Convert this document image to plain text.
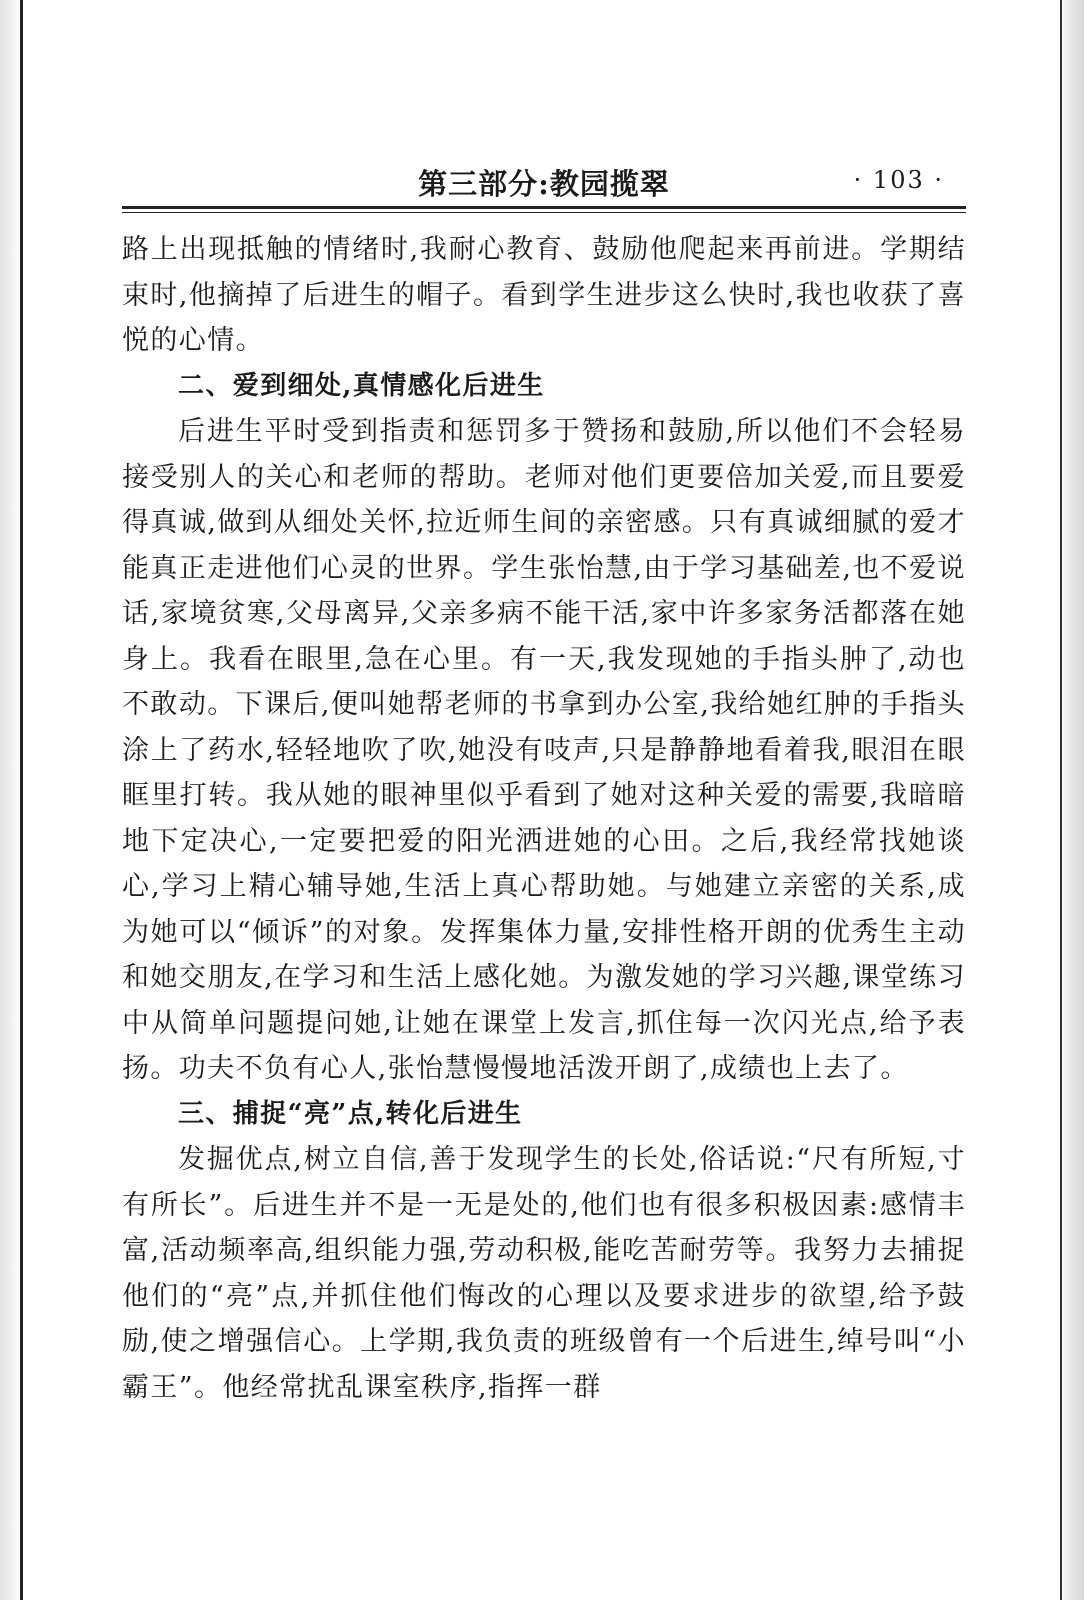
第三部分:教园揽翠	· 103 ·

路上出现抵触的情绪时,我耐心教育、鼓励他爬起来再前进。学期结束时,他摘掉了后进生的帽子。看到学生进步这么快时,我也收获了喜悦的心情。

二、爱到细处,真情感化后进生

后进生平时受到指责和惩罚多于赞扬和鼓励,所以他们不会轻易接受别人的关心和老师的帮助。老师对他们更要倍加关爱,而且要爱得真诚,做到从细处关怀,拉近师生间的亲密感。只有真诚细腻的爱才能真正走进他们心灵的世界。学生张怡慧,由于学习基础差,也不爱说话,家境贫寒,父母离异,父亲多病不能干活,家中许多家务活都落在她身上。我看在眼里,急在心里。有一天,我发现她的手指头肿了,动也不敢动。下课后,便叫她帮老师的书拿到办公室,我给她红肿的手指头涂上了药水,轻轻地吹了吹,她没有吱声,只是静静地看着我,眼泪在眼眶里打转。我从她的眼神里似乎看到了她对这种关爱的需要,我暗暗地下定决心,一定要把爱的阳光洒进她的心田。之后,我经常找她谈心,学习上精心辅导她,生活上真心帮助她。与她建立亲密的关系,成为她可以“倾诉”的对象。发挥集体力量,安排性格开朗的优秀生主动和她交朋友,在学习和生活上感化她。为激发她的学习兴趣,课堂练习中从简单问题提问她,让她在课堂上发言,抓住每一次闪光点,给予表扬。功夫不负有心人,张怡慧慢慢地活泼开朗了,成绩也上去了。

三、捕捉“亮”点,转化后进生

发掘优点,树立自信,善于发现学生的长处,俗话说:“尺有所短,寸有所长”。后进生并不是一无是处的,他们也有很多积极因素:感情丰富,活动频率高,组织能力强,劳动积极,能吃苦耐劳等。我努力去捕捉他们的“亮”点,并抓住他们悔改的心理以及要求进步的欲望,给予鼓励,使之增强信心。上学期,我负责的班级曾有一个后进生,绰号叫“小霸王”。他经常扰乱课室秩序,指挥一群
